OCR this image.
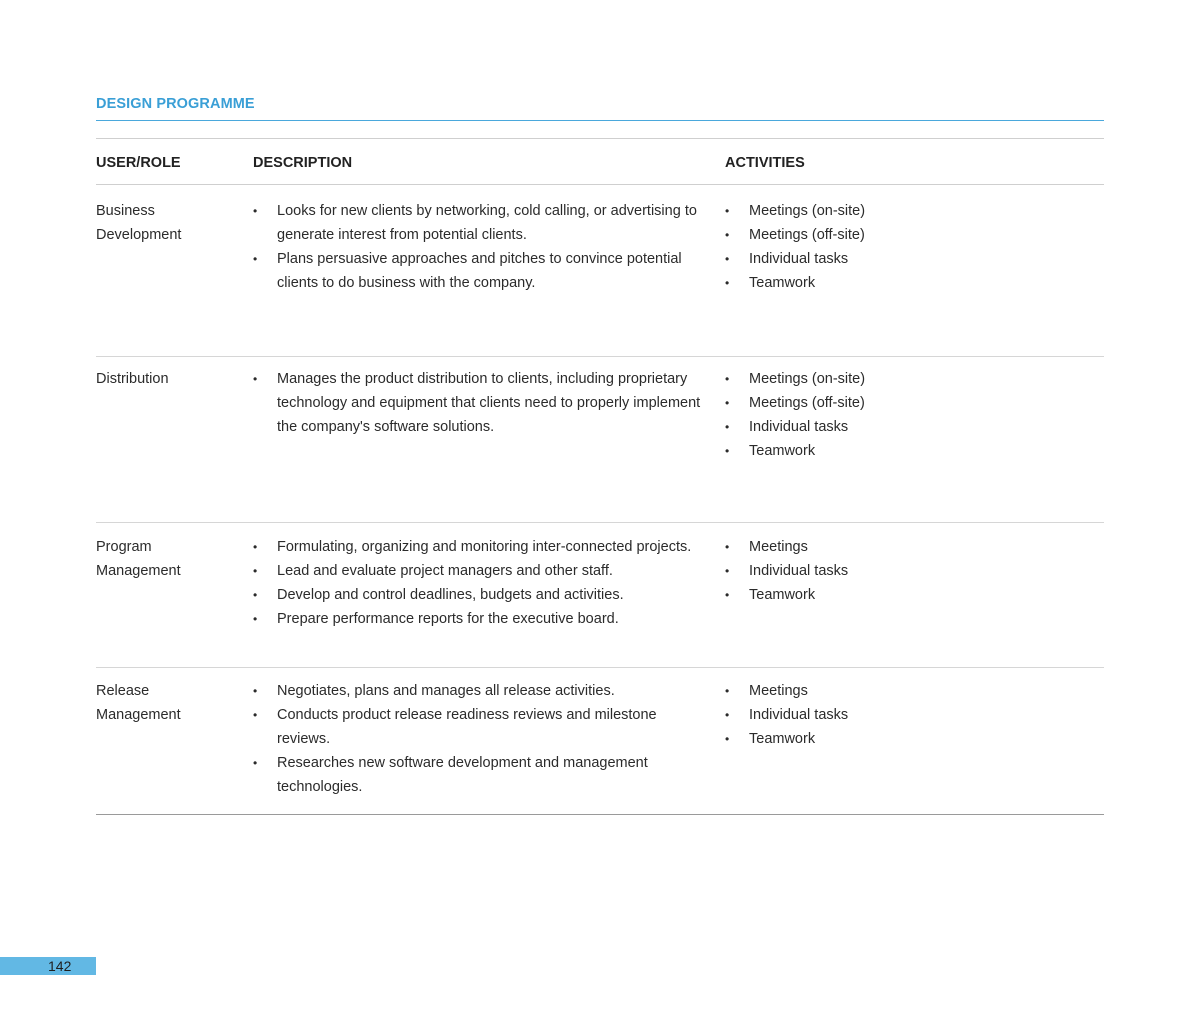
DESIGN PROGRAMME
USER/ROLE	DESCRIPTION	ACTIVITIES
Business
Development
• Looks for new clients by networking, cold calling, or advertising to generate interest from potential clients.
• Plans persuasive approaches and pitches to convince potential clients to do business with the company.
• Meetings (on-site)
• Meetings (off-site)
• Individual tasks
• Teamwork
Distribution
•	Manages the product distribution to clients, including proprietary technology and equipment that clients need to properly implement the company's software solutions.
• Meetings (on-site)
• Meetings (off-site)
• Individual tasks
• Teamwork
Program
Management
• Formulating, organizing and monitoring inter-connected projects.
• Lead and evaluate project managers and other staff.
• Develop and control deadlines, budgets and activities.
• Prepare performance reports for the executive board.
• Meetings
• Individual tasks
• Teamwork
Release
Management
• Negotiates, plans and manages all release activities.
• Conducts product release readiness reviews and milestone reviews.
• Researches new software development and management technologies.
• Meetings
• Individual tasks
• Teamwork
142
